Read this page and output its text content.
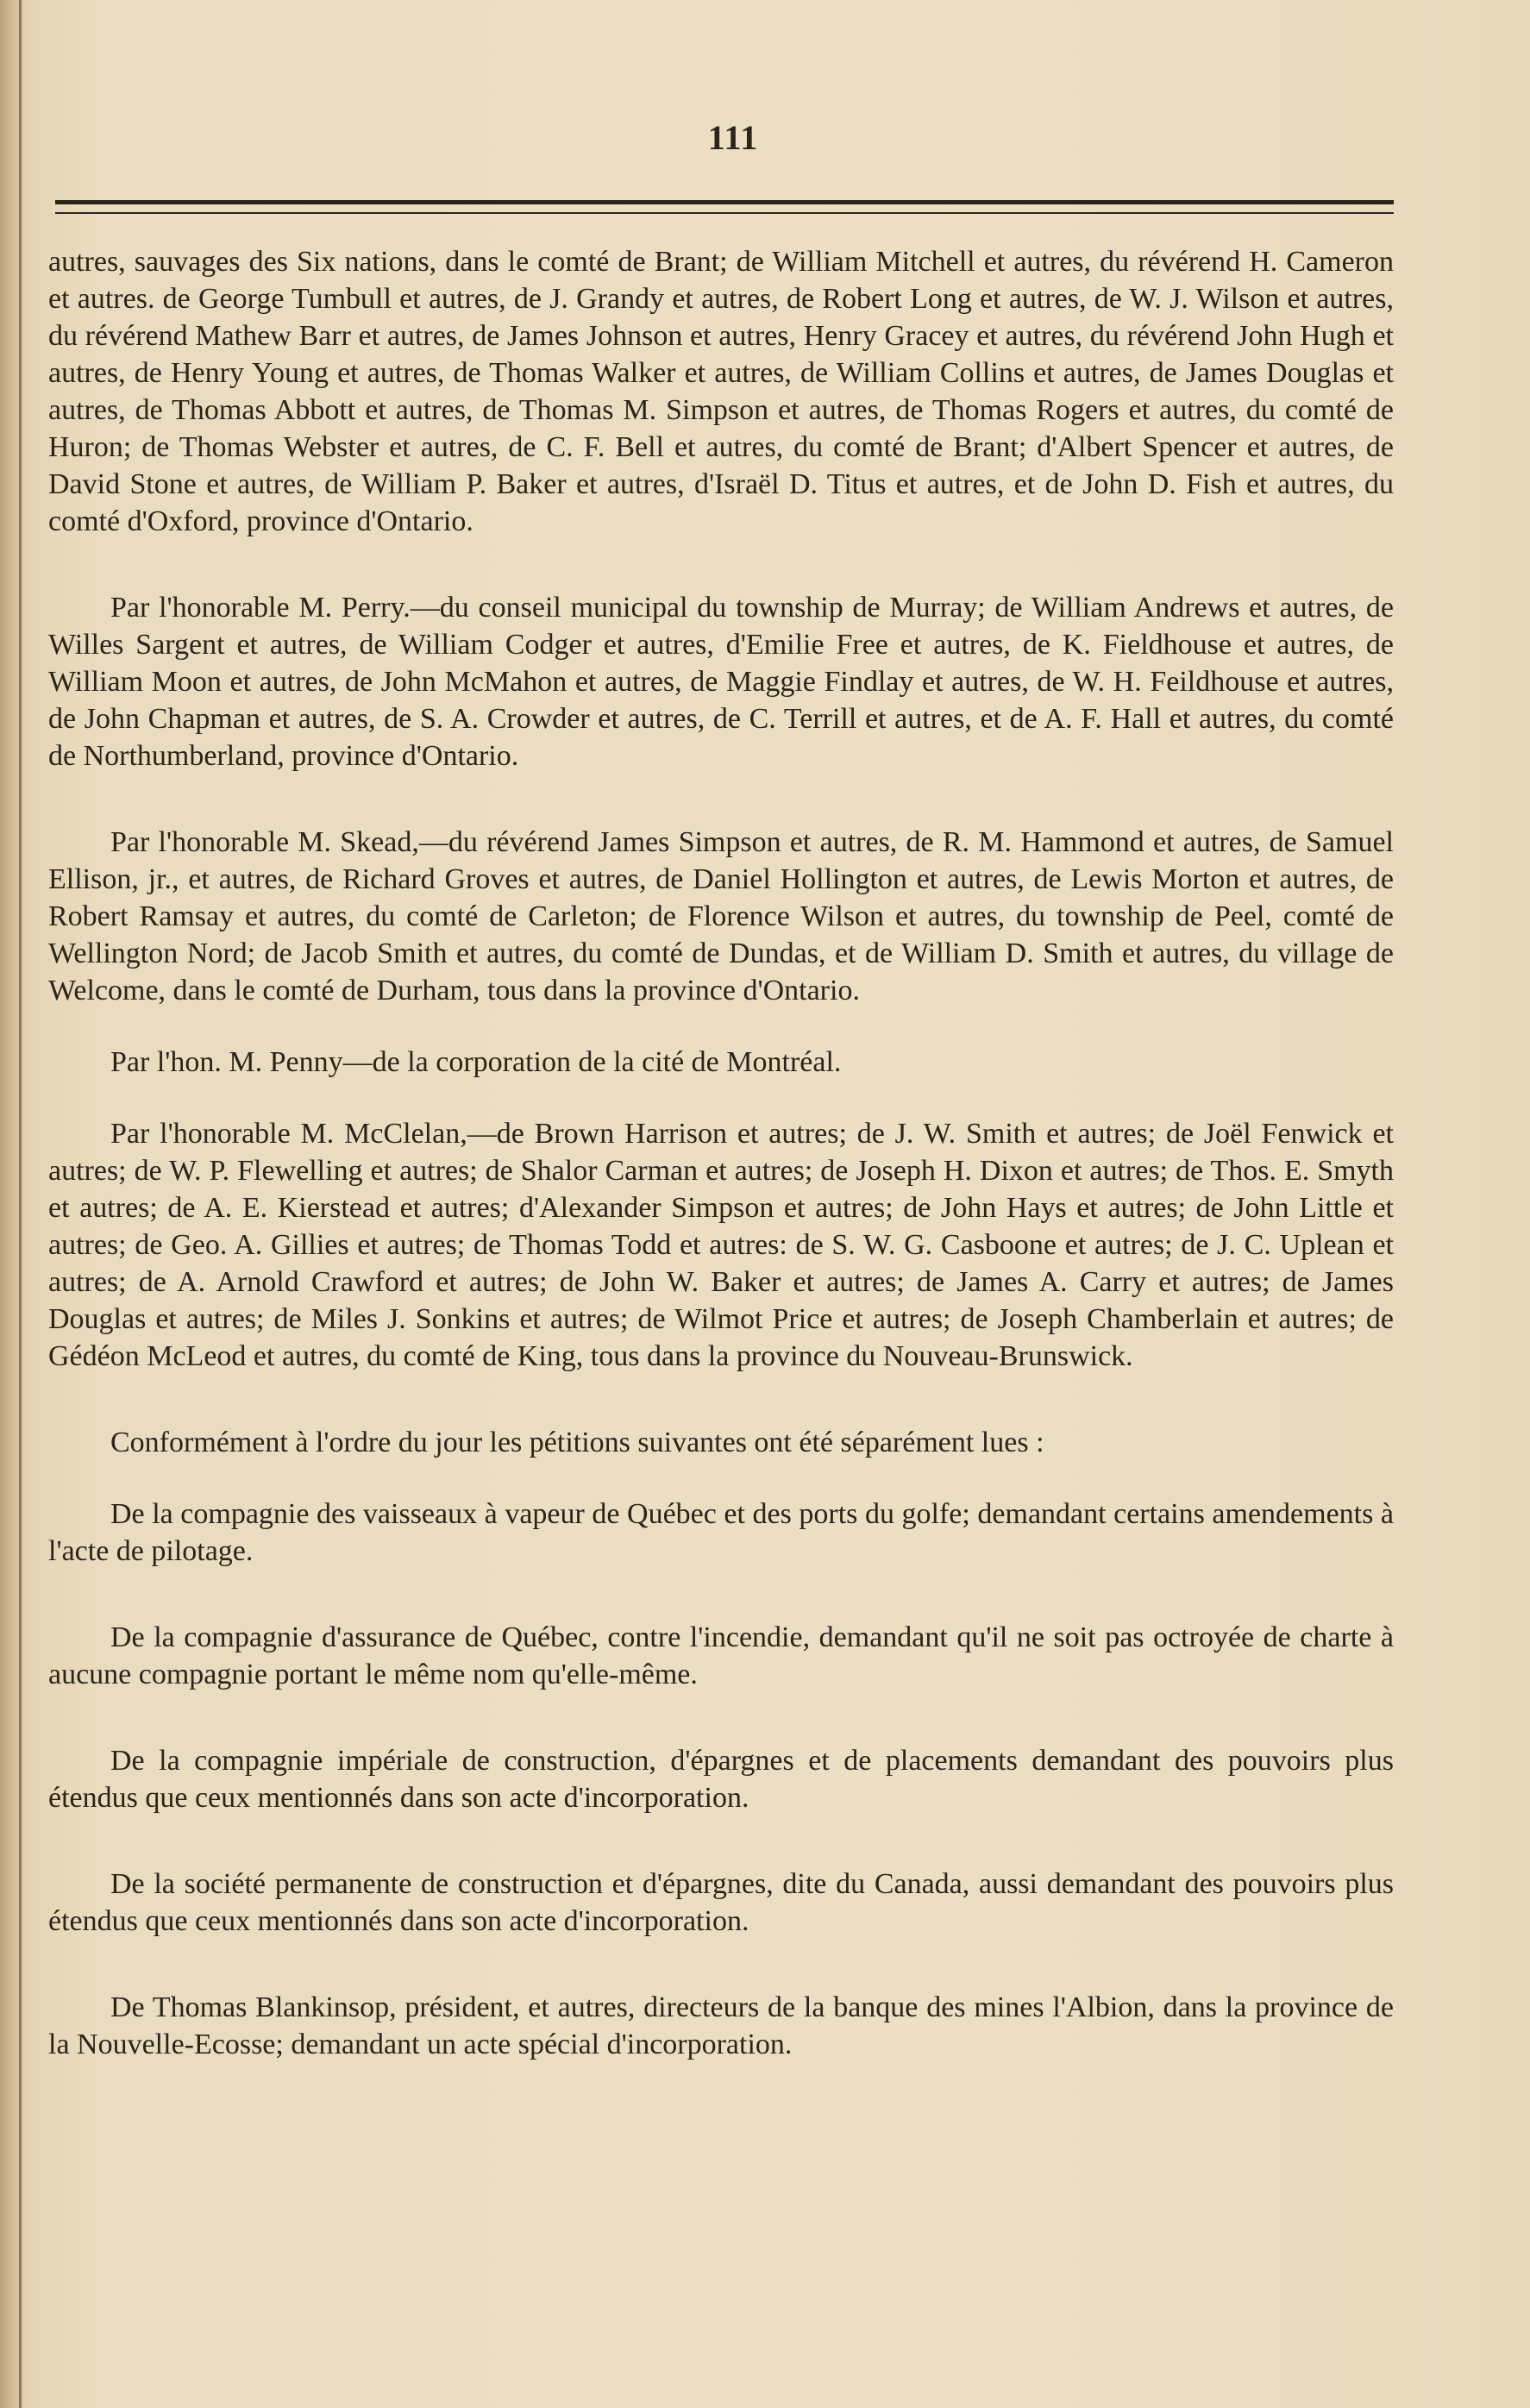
111

autres, sauvages des Six nations, dans le comté de Brant; de William Mitchell et autres, du révérend H. Cameron et autres. de George Tumbull et autres, de J. Grandy et autres, de Robert Long et autres, de W. J. Wilson et autres, du révérend Mathew Barr et autres, de James Johnson et autres, Henry Gracey et autres, du révérend John Hugh et autres, de Henry Young et autres, de Thomas Walker et autres, de William Collins et autres, de James Douglas et autres, de Thomas Abbott et autres, de Thomas M. Simpson et autres, de Thomas Rogers et autres, du comté de Huron; de Thomas Webster et autres, de C. F. Bell et autres, du comté de Brant; d'Albert Spencer et autres, de David Stone et autres, de William P. Baker et autres, d'Israël D. Titus et autres, et de John D. Fish et autres, du comté d'Oxford, province d'Ontario.

Par l'honorable M. Perry.—du conseil municipal du township de Murray; de William Andrews et autres, de Willes Sargent et autres, de William Codger et autres, d'Emilie Free et autres, de K. Fieldhouse et autres, de William Moon et autres, de John McMahon et autres, de Maggie Findlay et autres, de W. H. Feildhouse et autres, de John Chapman et autres, de S. A. Crowder et autres, de C. Terrill et autres, et de A. F. Hall et autres, du comté de Northumberland, province d'Ontario.

Par l'honorable M. Skead,—du révérend James Simpson et autres, de R. M. Hammond et autres, de Samuel Ellison, jr., et autres, de Richard Groves et autres, de Daniel Hollington et autres, de Lewis Morton et autres, de Robert Ramsay et autres, du comté de Carleton; de Florence Wilson et autres, du township de Peel, comté de Wellington Nord; de Jacob Smith et autres, du comté de Dundas, et de William D. Smith et autres, du village de Welcome, dans le comté de Durham, tous dans la province d'Ontario.

Par l'hon. M. Penny—de la corporation de la cité de Montréal.

Par l'honorable M. McClelan,—de Brown Harrison et autres; de J. W. Smith et autres; de Joël Fenwick et autres; de W. P. Flewelling et autres; de Shalor Carman et autres; de Joseph H. Dixon et autres; de Thos. E. Smyth et autres; de A. E. Kierstead et autres; d'Alexander Simpson et autres; de John Hays et autres; de John Little et autres; de Geo. A. Gillies et autres; de Thomas Todd et autres: de S. W. G. Casboone et autres; de J. C. Uplean et autres; de A. Arnold Crawford et autres; de John W. Baker et autres; de James A. Carry et autres; de James Douglas et autres; de Miles J. Sonkins et autres; de Wilmot Price et autres; de Joseph Chamberlain et autres; de Gédéon McLeod et autres, du comté de King, tous dans la province du Nouveau-Brunswick.

Conformément à l'ordre du jour les pétitions suivantes ont été séparément lues :

De la compagnie des vaisseaux à vapeur de Québec et des ports du golfe; demandant certains amendements à l'acte de pilotage.

De la compagnie d'assurance de Québec, contre l'incendie, demandant qu'il ne soit pas octroyée de charte à aucune compagnie portant le même nom qu'elle-même.

De la compagnie impériale de construction, d'épargnes et de placements demandant des pouvoirs plus étendus que ceux mentionnés dans son acte d'incorporation.

De la société permanente de construction et d'épargnes, dite du Canada, aussi demandant des pouvoirs plus étendus que ceux mentionnés dans son acte d'incorporation.

De Thomas Blankinsop, président, et autres, directeurs de la banque des mines l'Albion, dans la province de la Nouvelle-Ecosse; demandant un acte spécial d'incorporation.
